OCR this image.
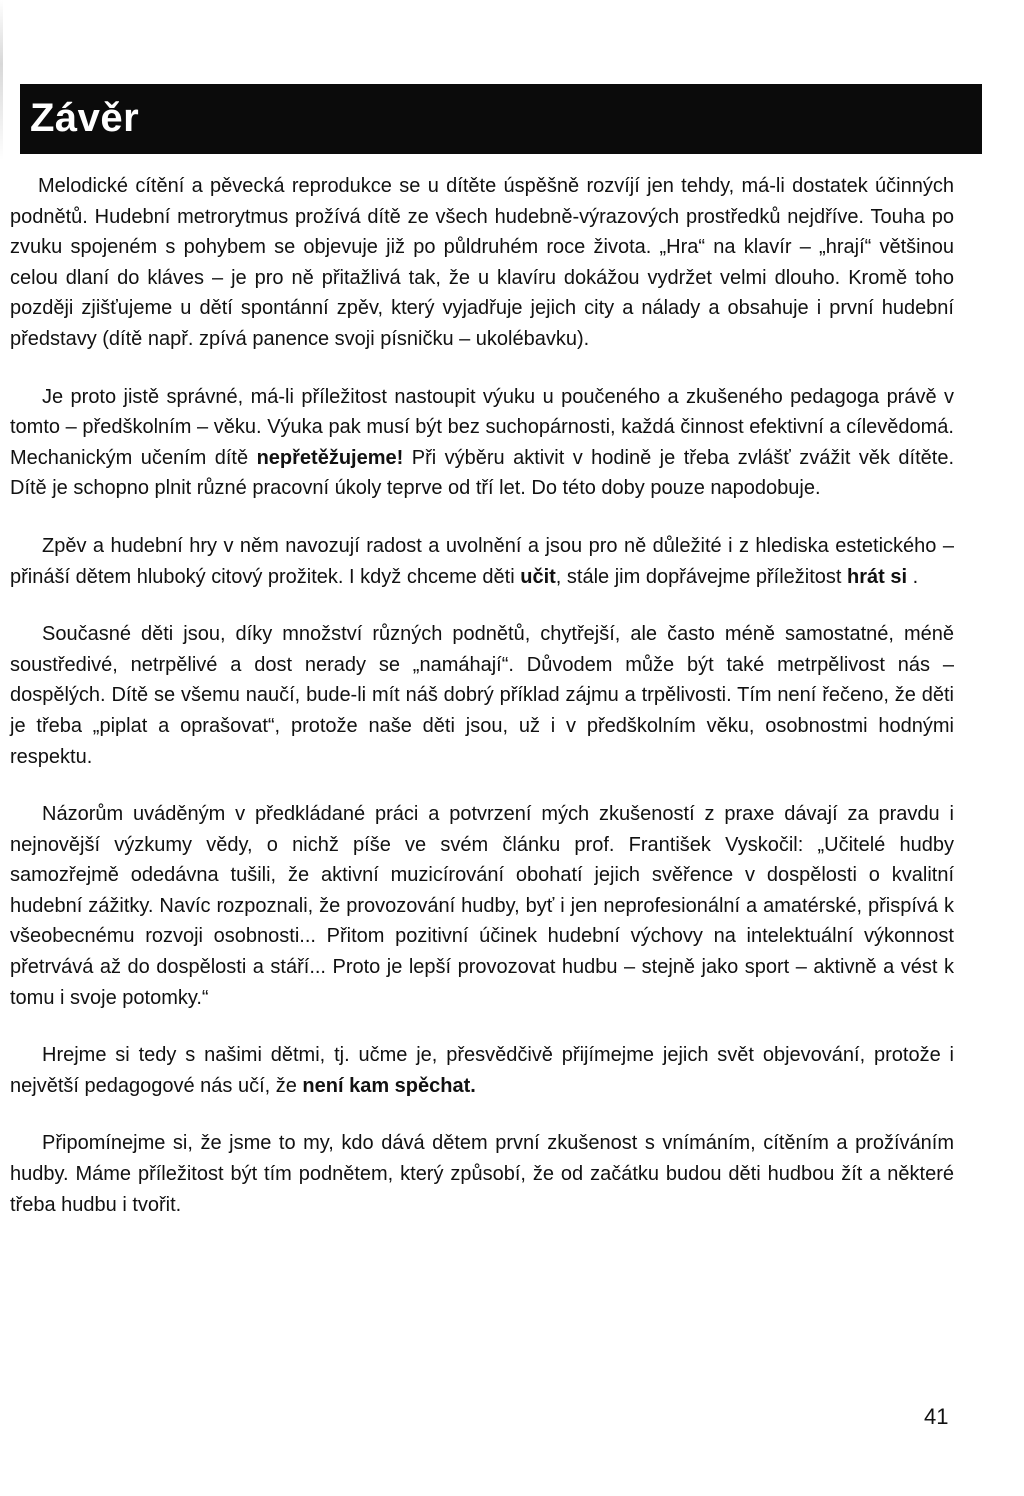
Závěr

Melodické cítění a pěvecká reprodukce se u dítěte úspěšně rozvíjí jen tehdy, má-li dostatek účinných podnětů. Hudební metrorytmus prožívá dítě ze všech hudebně-výrazových prostředků nejdříve. Touha po zvuku spojeném s pohybem se objevuje již po půldruhém roce života. „Hra“ na klavír – „hrají“ většinou celou dlaní do kláves – je pro ně přitažlivá tak, že u klavíru dokážou vydržet velmi dlouho. Kromě toho později zjišťujeme u dětí spontánní zpěv, který vyjadřuje jejich city a nálady a obsahuje i první hudební představy (dítě např. zpívá panence svoji písničku – ukolébavku).

Je proto jistě správné, má-li příležitost nastoupit výuku u poučeného a zkušeného pedagoga právě v tomto – předškolním – věku. Výuka pak musí být bez suchopárnosti, každá činnost efektivní a cílevědomá. Mechanickým učením dítě nepřetěžujeme! Při výběru aktivit v hodině je třeba zvlášť zvážit věk dítěte. Dítě je schopno plnit různé pracovní úkoly teprve od tří let. Do této doby pouze napodobuje.

Zpěv a hudební hry v něm navozují radost a uvolnění a jsou pro ně důležité i z hlediska estetického – přináší dětem hluboký citový prožitek. I když chceme děti učit, stále jim dopřávejme příležitost hrát si .

Současné děti jsou, díky množství různých podnětů, chytřejší, ale často méně samostatné, méně soustředivé, netrpělivé a dost nerady se „namáhají“. Důvodem může být také metrpělivost nás – dospělých. Dítě se všemu naučí, bude-li mít náš dobrý příklad zájmu a trpělivosti. Tím není řečeno, že děti je třeba „piplat a oprašovat“, protože naše děti jsou, už i v předškolním věku, osobnostmi hodnými respektu.

Názorům uváděným v předkládané práci a potvrzení mých zkušeností z praxe dávají za pravdu i nejnovější výzkumy vědy, o nichž píše ve svém článku prof. František Vyskočil: „Učitelé hudby samozřejmě odedávna tušili, že aktivní muzicírování obohatí jejich svěřence v dospělosti o kvalitní hudební zážitky. Navíc rozpoznali, že provozování hudby, byť i jen neprofesionální a amatérské, přispívá k všeobecnému rozvoji osobnosti... Přitom pozitivní účinek hudební výchovy na intelektuální výkonnost přetrvává až do dospělosti a stáří... Proto je lepší provozovat hudbu – stejně jako sport – aktivně a vést k tomu i svoje potomky.“

Hrejme si tedy s našimi dětmi, tj. učme je, přesvědčivě přijímejme jejich svět objevování, protože i největší pedagogové nás učí, že není kam spěchat.

Připomínejme si, že jsme to my, kdo dává dětem první zkušenost s vnímáním, cítěním a prožíváním hudby. Máme příležitost být tím podnětem, který způsobí, že od začátku budou děti hudbou žít a některé třeba hudbu i tvořit.

41
